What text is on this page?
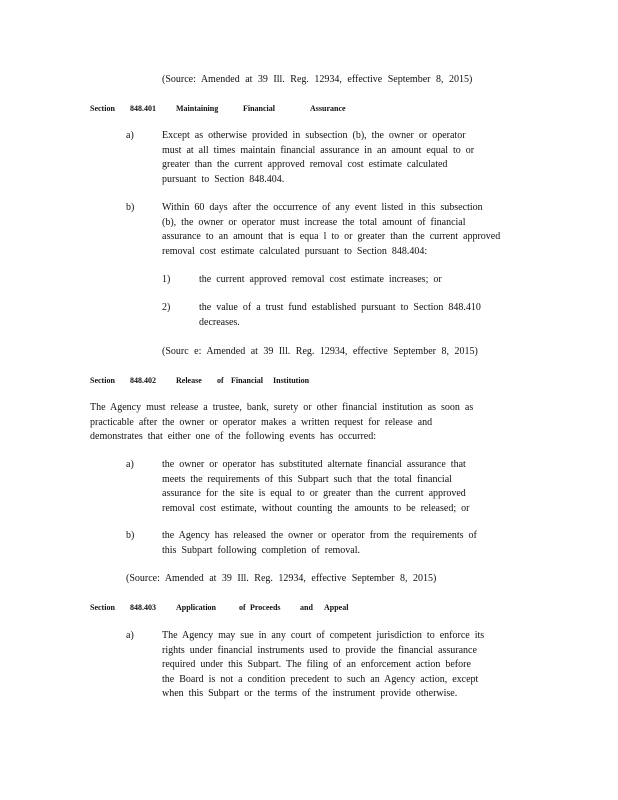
(Source: Amended at 39 Ill. Reg. 12934, effective September 8, 2015)
Section 848.401	Maintaining	Financial	Assurance
a)	Except as otherwise provided in subsection (b), the owner or operator
must at all times maintain financial assurance in an amount equal to or
greater than the current approved removal cost estimate calculated
pursuant to Section 848.404.
b)	Within 60 days after the occurrence of any event listed in this subsection
(b), the owner or operator must increase the total amount of financial
assurance to an amount that is equa l to or greater than the current approved
removal cost estimate calculated pursuant to Section 848.404:
1)	the current approved removal cost estimate increases; or
2)	the value of a trust fund established pursuant to Section 848.410
decreases.
(Sourc e: Amended at 39 Ill. Reg. 12934, effective September 8, 2015)
Section 848.402	Release of Financial Institution
The Agency must release a trustee, bank, surety or other financial institution as soon as
practicable after the owner or operator makes a written request for release and
demonstrates that either one of the following events has occurred:
a)	the owner or operator has substituted alternate financial assurance that
meets the requirements of this Subpart such that the total financial
assurance for the site is equal to or greater than the current approved
removal cost estimate, without counting the amounts to be released; or
b)	the Agency has released the owner or operator from the requirements of
this Subpart following completion of removal.
(Source: Amended at 39 Ill. Reg. 12934, effective September 8, 2015)
Section 848.403	Application	of Proceeds and Appeal
a)	The Agency may sue in any court of competent jurisdiction to enforce its
rights under financial instruments used to provide the financial assurance
required under this Subpart. The filing of an enforcement action before
the Board is not a condition precedent to such an Agency action, except
when this Subpart or the terms of the instrument provide otherwise.
